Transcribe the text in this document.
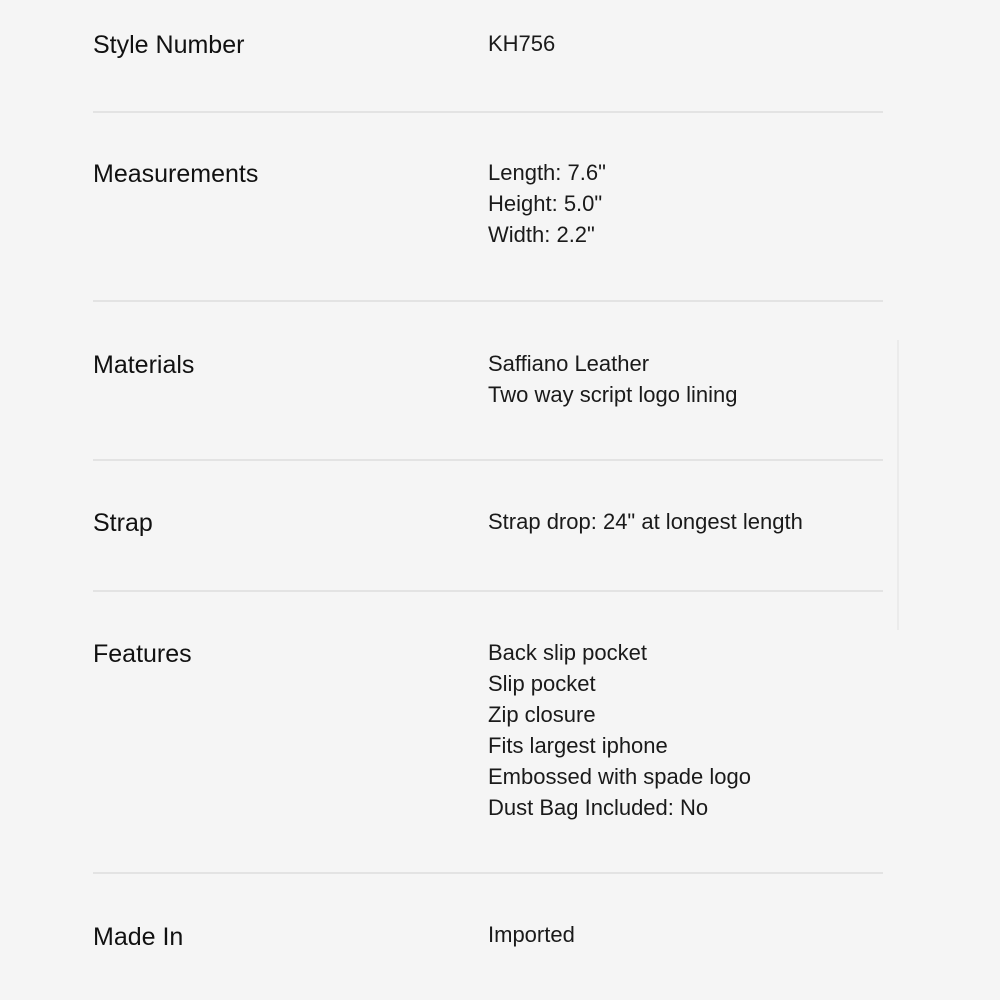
Style Number	KH756
Measurements	Length: 7.6"
Height: 5.0"
Width: 2.2"
Materials	Saffiano Leather
Two way script logo lining
Strap	Strap drop: 24" at longest length
Features	Back slip pocket
Slip pocket
Zip closure
Fits largest iphone
Embossed with spade logo
Dust Bag Included: No
Made In	Imported
